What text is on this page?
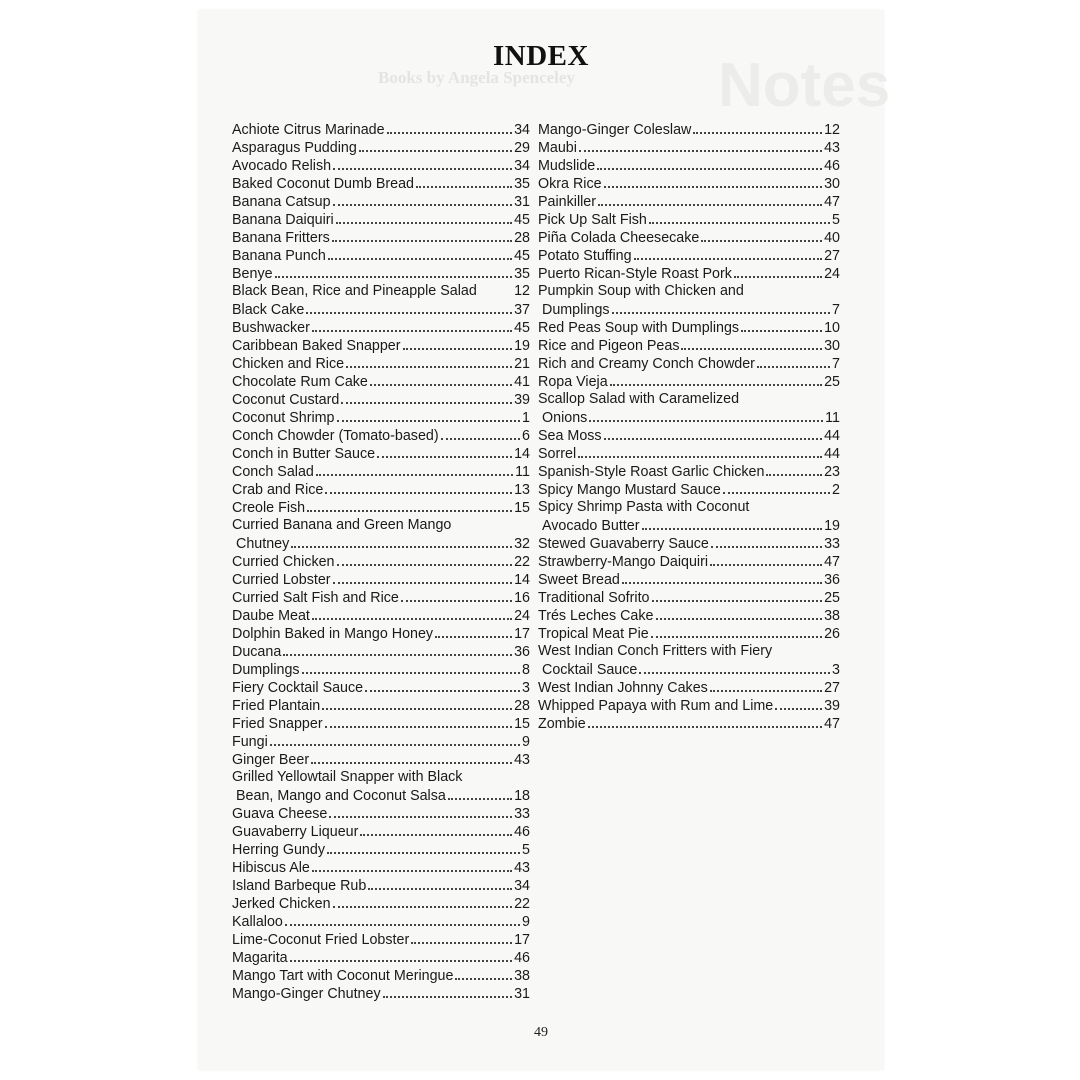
Notes
Books by Angela Spenceley
INDEX
Achiote Citrus Marinade	34
Asparagus Pudding	29
Avocado Relish	34
Baked Coconut Dumb Bread	35
Banana Catsup	31
Banana Daiquiri	45
Banana Fritters	28
Banana Punch	45
Benye	35
Black Bean, Rice and Pineapple Salad	12
Black Cake	37
Bushwacker	45
Caribbean Baked Snapper	19
Chicken and Rice	21
Chocolate Rum Cake	41
Coconut Custard	39
Coconut Shrimp	1
Conch Chowder (Tomato-based)	6
Conch in Butter Sauce	14
Conch Salad	11
Crab and Rice	13
Creole Fish	15
Curried Banana and Green Mango
Chutney	32
Curried Chicken	22
Curried Lobster	14
Curried Salt Fish and Rice	16
Daube Meat	24
Dolphin Baked in Mango Honey	17
Ducana	36
Dumplings	8
Fiery Cocktail Sauce	3
Fried Plantain	28
Fried Snapper	15
Fungi	9
Ginger Beer	43
Grilled Yellowtail Snapper with Black
Bean, Mango and Coconut Salsa	18
Guava Cheese	33
Guavaberry Liqueur	46
Herring Gundy	5
Hibiscus Ale	43
Island Barbeque Rub	34
Jerked Chicken	22
Kallaloo	9
Lime-Coconut Fried Lobster	17
Magarita	46
Mango Tart with Coconut Meringue	38
Mango-Ginger Chutney	31
Mango-Ginger Coleslaw	12
Maubi	43
Mudslide	46
Okra Rice	30
Painkiller	47
Pick Up Salt Fish	5
Piña Colada Cheesecake	40
Potato Stuffing	27
Puerto Rican-Style Roast Pork	24
Pumpkin Soup with Chicken and
Dumplings	7
Red Peas Soup with Dumplings	10
Rice and Pigeon Peas	30
Rich and Creamy Conch Chowder	7
Ropa Vieja	25
Scallop Salad with Caramelized
Onions	11
Sea Moss	44
Sorrel	44
Spanish-Style Roast Garlic Chicken	23
Spicy Mango Mustard Sauce	2
Spicy Shrimp Pasta with Coconut
Avocado Butter	19
Stewed Guavaberry Sauce	33
Strawberry-Mango Daiquiri	47
Sweet Bread	36
Traditional Sofrito	25
Trés Leches Cake	38
Tropical Meat Pie	26
West Indian Conch Fritters with Fiery
Cocktail Sauce	3
West Indian Johnny Cakes	27
Whipped Papaya with Rum and Lime	39
Zombie	47
49
